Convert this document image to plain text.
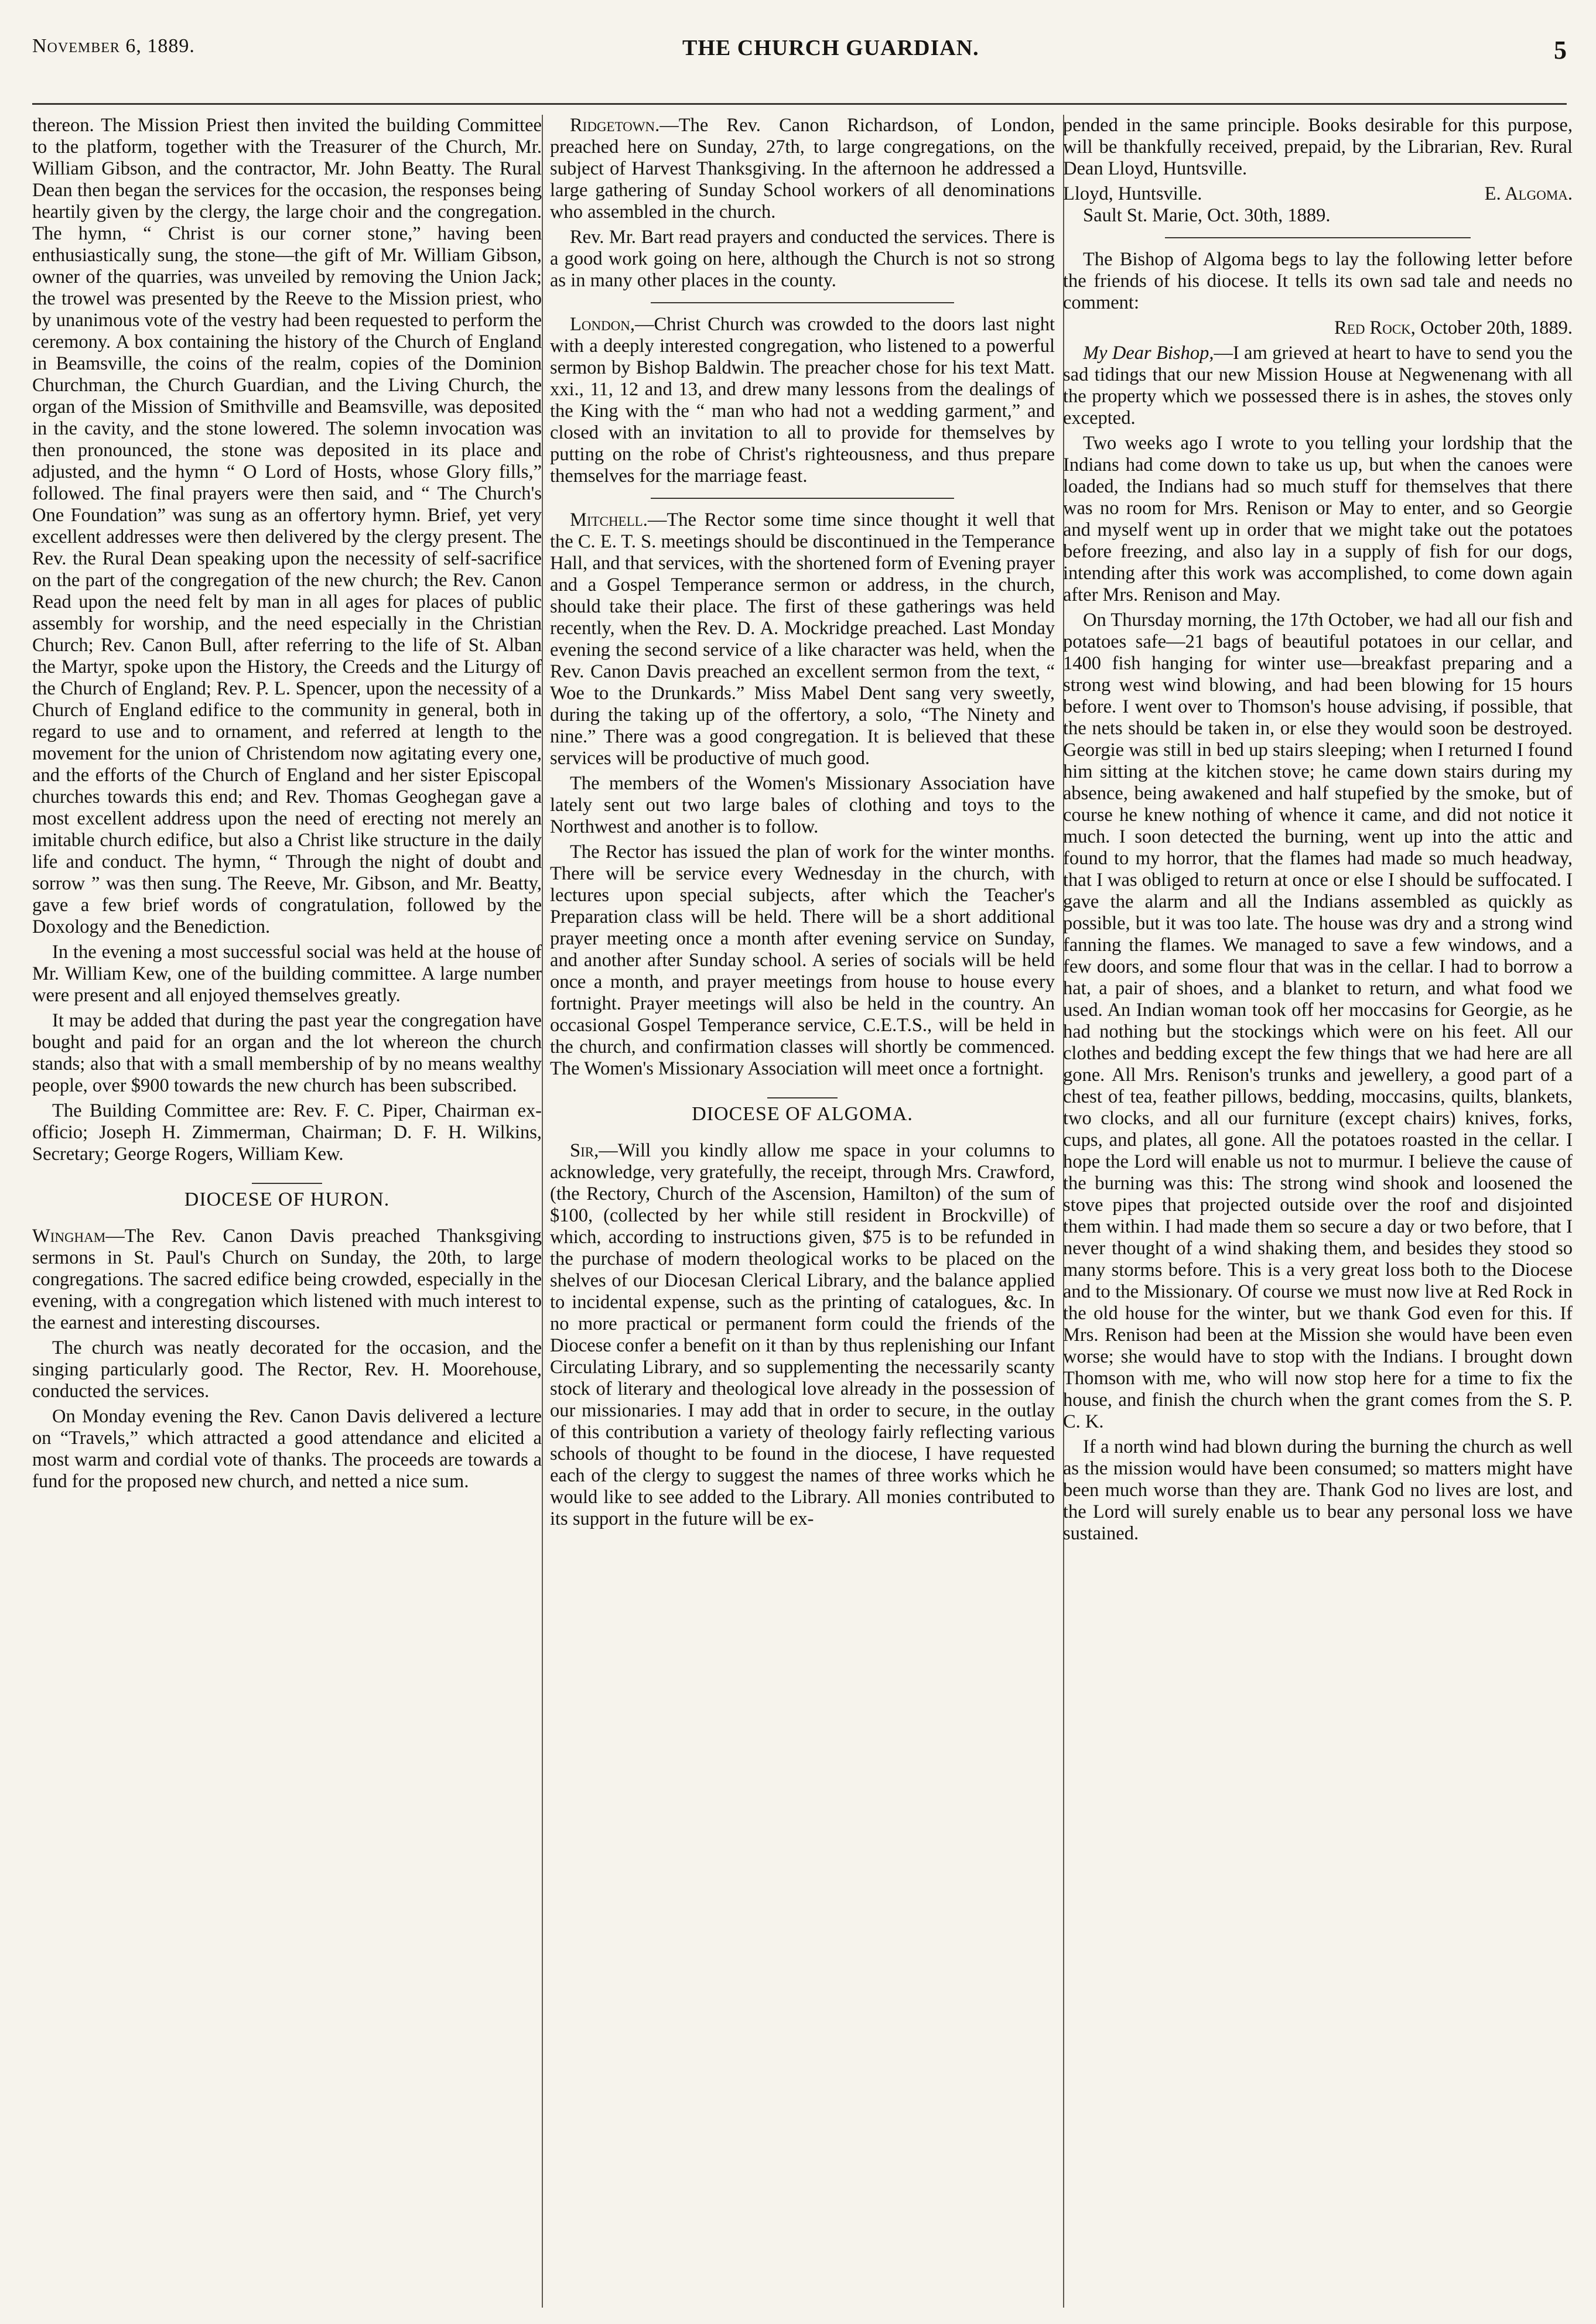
November 6, 1889.	THE CHURCH GUARDIAN.	5

thereon. The Mission Priest then invited the building Committee to the platform, together with the Treasurer of the Church, Mr. William Gibson, and the contractor, Mr. John Beatty. The Rural Dean then began the services for the occasion, the responses being heartily given by the clergy, the large choir and the congregation. The hymn, “ Christ is our corner stone,” having been enthusiastically sung, the stone—the gift of Mr. William Gibson, owner of the quarries, was unveiled by removing the Union Jack; the trowel was presented by the Reeve to the Mission priest, who by unanimous vote of the vestry had been requested to perform the ceremony. A box containing the history of the Church of England in Beamsville, the coins of the realm, copies of the Dominion Churchman, the Church Guardian, and the Living Church, the organ of the Mission of Smithville and Beamsville, was deposited in the cavity, and the stone lowered. The solemn invocation was then pronounced, the stone was deposited in its place and adjusted, and the hymn “ O Lord of Hosts, whose Glory fills,” followed. The final prayers were then said, and “ The Church's One Foundation” was sung as an offertory hymn. Brief, yet very excellent addresses were then delivered by the clergy present. The Rev. the Rural Dean speaking upon the necessity of self-sacrifice on the part of the congregation of the new church; the Rev. Canon Read upon the need felt by man in all ages for places of public assembly for worship, and the need especially in the Christian Church; Rev. Canon Bull, after referring to the life of St. Alban the Martyr, spoke upon the History, the Creeds and the Liturgy of the Church of England; Rev. P. L. Spencer, upon the necessity of a Church of England edifice to the community in general, both in regard to use and to ornament, and referred at length to the movement for the union of Christendom now agitating every one, and the efforts of the Church of England and her sister Episcopal churches towards this end; and Rev. Thomas Geoghegan gave a most excellent address upon the need of erecting not merely an imitable church edifice, but also a Christ like structure in the daily life and conduct. The hymn, “ Through the night of doubt and sorrow ” was then sung. The Reeve, Mr. Gibson, and Mr. Beatty, gave a few brief words of congratulation, followed by the Doxology and the Benediction.

In the evening a most successful social was held at the house of Mr. William Kew, one of the building committee. A large number were present and all enjoyed themselves greatly.

It may be added that during the past year the congregation have bought and paid for an organ and the lot whereon the church stands; also that with a small membership of by no means wealthy people, over $900 towards the new church has been subscribed.

The Building Committee are: Rev. F. C. Piper, Chairman ex-officio; Joseph H. Zimmerman, Chairman; D. F. H. Wilkins, Secretary; George Rogers, William Kew.

DIOCESE OF HURON.

Wingham—The Rev. Canon Davis preached Thanksgiving sermons in St. Paul's Church on Sunday, the 20th, to large congregations. The sacred edifice being crowded, especially in the evening, with a congregation which listened with much interest to the earnest and interesting discourses.

The church was neatly decorated for the occasion, and the singing particularly good. The Rector, Rev. H. Moorehouse, conducted the services.

On Monday evening the Rev. Canon Davis delivered a lecture on “Travels,” which attracted a good attendance and elicited a most warm and cordial vote of thanks. The proceeds are towards a fund for the proposed new church, and netted a nice sum.

Ridgetown.—The Rev. Canon Richardson, of London, preached here on Sunday, 27th, to large congregations, on the subject of Harvest Thanksgiving. In the afternoon he addressed a large gathering of Sunday School workers of all denominations who assembled in the church.

Rev. Mr. Bart read prayers and conducted the services. There is a good work going on here, although the Church is not so strong as in many other places in the county.

London,—Christ Church was crowded to the doors last night with a deeply interested congregation, who listened to a powerful sermon by Bishop Baldwin. The preacher chose for his text Matt. xxi., 11, 12 and 13, and drew many lessons from the dealings of the King with the “ man who had not a wedding garment,” and closed with an invitation to all to provide for themselves by putting on the robe of Christ's righteousness, and thus prepare themselves for the marriage feast.

Mitchell.—The Rector some time since thought it well that the C. E. T. S. meetings should be discontinued in the Temperance Hall, and that services, with the shortened form of Evening prayer and a Gospel Temperance sermon or address, in the church, should take their place. The first of these gatherings was held recently, when the Rev. D. A. Mockridge preached. Last Monday evening the second service of a like character was held, when the Rev. Canon Davis preached an excellent sermon from the text, “ Woe to the Drunkards.” Miss Mabel Dent sang very sweetly, during the taking up of the offertory, a solo, “The Ninety and nine.” There was a good congregation. It is believed that these services will be productive of much good.

The members of the Women's Missionary Association have lately sent out two large bales of clothing and toys to the Northwest and another is to follow.

The Rector has issued the plan of work for the winter months. There will be service every Wednesday in the church, with lectures upon special subjects, after which the Teacher's Preparation class will be held. There will be a short additional prayer meeting once a month after evening service on Sunday, and another after Sunday school. A series of socials will be held once a month, and prayer meetings from house to house every fortnight. Prayer meetings will also be held in the country. An occasional Gospel Temperance service, C.E.T.S., will be held in the church, and confirmation classes will shortly be commenced. The Women's Missionary Association will meet once a fortnight.

DIOCESE OF ALGOMA.

Sir,—Will you kindly allow me space in your columns to acknowledge, very gratefully, the receipt, through Mrs. Crawford, (the Rectory, Church of the Ascension, Hamilton) of the sum of $100, (collected by her while still resident in Brockville) of which, according to instructions given, $75 is to be refunded in the purchase of modern theological works to be placed on the shelves of our Diocesan Clerical Library, and the balance applied to incidental expense, such as the printing of catalogues, &c. In no more practical or permanent form could the friends of the Diocese confer a benefit on it than by thus replenishing our Infant Circulating Library, and so supplementing the necessarily scanty stock of literary and theological love already in the possession of our missionaries. I may add that in order to secure, in the outlay of this contribution a variety of theology fairly reflecting various schools of thought to be found in the diocese, I have requested each of the clergy to suggest the names of three works which he would like to see added to the Library. All monies contributed to its support in the future will be ex-

pended in the same principle. Books desirable for this purpose, will be thankfully received, prepaid, by the Librarian, Rev. Rural Dean Lloyd, Huntsville.

Lloyd, Huntsville.	E. Algoma.

Sault St. Marie, Oct. 30th, 1889.

The Bishop of Algoma begs to lay the following letter before the friends of his diocese. It tells its own sad tale and needs no comment:

Red Rock, October 20th, 1889.

My Dear Bishop,—I am grieved at heart to have to send you the sad tidings that our new Mission House at Negwenenang with all the property which we possessed there is in ashes, the stoves only excepted.

Two weeks ago I wrote to you telling your lordship that the Indians had come down to take us up, but when the canoes were loaded, the Indians had so much stuff for themselves that there was no room for Mrs. Renison or May to enter, and so Georgie and myself went up in order that we might take out the potatoes before freezing, and also lay in a supply of fish for our dogs, intending after this work was accomplished, to come down again after Mrs. Renison and May.

On Thursday morning, the 17th October, we had all our fish and potatoes safe—21 bags of beautiful potatoes in our cellar, and 1400 fish hanging for winter use—breakfast preparing and a strong west wind blowing, and had been blowing for 15 hours before. I went over to Thomson's house advising, if possible, that the nets should be taken in, or else they would soon be destroyed. Georgie was still in bed up stairs sleeping; when I returned I found him sitting at the kitchen stove; he came down stairs during my absence, being awakened and half stupefied by the smoke, but of course he knew nothing of whence it came, and did not notice it much. I soon detected the burning, went up into the attic and found to my horror, that the flames had made so much headway, that I was obliged to return at once or else I should be suffocated. I gave the alarm and all the Indians assembled as quickly as possible, but it was too late. The house was dry and a strong wind fanning the flames. We managed to save a few windows, and a few doors, and some flour that was in the cellar. I had to borrow a hat, a pair of shoes, and a blanket to return, and what food we used. An Indian woman took off her moccasins for Georgie, as he had nothing but the stockings which were on his feet. All our clothes and bedding except the few things that we had here are all gone. All Mrs. Renison's trunks and jewellery, a good part of a chest of tea, feather pillows, bedding, moccasins, quilts, blankets, two clocks, and all our furniture (except chairs) knives, forks, cups, and plates, all gone. All the potatoes roasted in the cellar. I hope the Lord will enable us not to murmur. I believe the cause of the burning was this: The strong wind shook and loosened the stove pipes that projected outside over the roof and disjointed them within. I had made them so secure a day or two before, that I never thought of a wind shaking them, and besides they stood so many storms before. This is a very great loss both to the Diocese and to the Missionary. Of course we must now live at Red Rock in the old house for the winter, but we thank God even for this. If Mrs. Renison had been at the Mission she would have been even worse; she would have to stop with the Indians. I brought down Thomson with me, who will now stop here for a time to fix the house, and finish the church when the grant comes from the S. P. C. K.

If a north wind had blown during the burning the church as well as the mission would have been consumed; so matters might have been much worse than they are. Thank God no lives are lost, and the Lord will surely enable us to bear any personal loss we have sustained.
